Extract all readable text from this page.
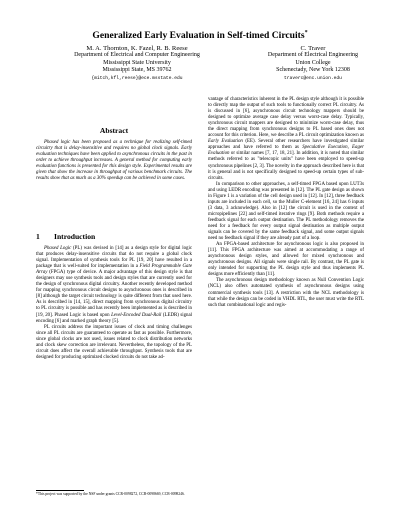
Generalized Early Evaluation in Self-timed Circuits*
M. A. Thornton, K. Fazel, R. B. Reese
Department of Electrical and Computer Engineering
Mississippi State University
Mississippi State, MS 39762
{mitch,kfl,reese}@ece.msstate.edu
C. Traver
Department of Electrical Engineering
Union College
Schenectady, New York 12308
traverc@enc.union.edu
Abstract

Phased logic has been proposed as a technique for realizing self-timed circuitry that is delay-insensitive and requires no global clock signals. Early evaluation techniques have been applied to asynchronous circuits in the past in order to achieve throughput increases. A general method for computing early evaluation functions is presented for this design style. Experimental results are given that show the increase in throughput of various benchmark circuits. The results show that as much as a 30% speedup can be achieved in some cases.

1 Introduction

Phased Logic (PL) was devised in [14] as a design style for digital logic that produces delay-insensitive circuits that do not require a global clock signal. Implementation of synthesis tools for PL [19, 20] have resulted in a package that is well-suited for implementation in a Field Programmable Gate Array (FPGA) type of device. A major advantage of this design style is that designers may use synthesis tools and design styles that are currently used for the design of synchronous digital circuitry. Another recently developed method for mapping synchronous circuit designs to asynchronous ones is described in [8] although the target circuit technology is quite different from that used here. As is described in [14, 15], direct mapping from synchronous digital circuitry to PL circuitry is possible and has recently been implemented as is described in [19, 20]. Phased Logic is based upon Level-Encoded Dual-Rail (LEDR) signal encoding [6] and marked graph theory [5].

PL circuits address the important issues of clock and timing challenges since all PL circuits are guaranteed to operate as fast as possible. Furthermore, since global clocks are not used, issues related to clock distribution networks and clock skew correction are irrelevant. Nevertheless, the topology of the PL circuit does affect the overall achievable throughput. Synthesis tools that are designed for producing optimized clocked circuits do not take ad-

vantage of characteristics inherent in the PL design style although it is possible to directly map the output of such tools to functionally correct PL circuitry. As is discussed in [6], asynchronous circuit technology mappers should be designed to optimize average case delay versus worst-case delay. Typically, synchronous circuit mappers are designed to minimize worst-case delay, thus the direct mapping from synchronous designs to PL based ones does not account for this criterion. Here, we describe a PL circuit optimization known as Early Evaluation (EE). Several other researchers have investigated similar approaches and have referred to them as Speculative Execution, Eager Evaluation or similar names [7, 17, 18, 21]. In addition, it is noted that similar methods referred to as "telescopic units" have been employed to speed-up synchronous pipelines [2, 3]. The novelty in the approach described here is that it is general and is not specifically designed to speed-up certain types of sub-circuits.

In comparison to other approaches, a self-timed FPGA based upon LUT3s and using LEDR encoding was presented in [12]. The PL gate design as shown in Figure 1 is a variation of the cell design used in [12]. In [12], three feedback inputs are included in each cell, so the Muller C-element [16, 24] has 6 inputs (3 data, 3 acknowledge). Also in [12] the circuit is used in the context of micropipelines [22] and self-timed iterative rings [9]. Both methods require a feedback signal for each output destination. The PL methodology removes the need for a feedback for every output signal destination as multiple output signals can be covered by the same feedback signal, and some output signals need no feedback signal if they are already part of a loop.

An FPGA-based architecture for asynchronous logic is also proposed in [11]. This FPGA architecture was aimed at accommodating a range of asynchronous design styles, and allowed for mixed synchronous and asynchronous designs. All signals were single rail. By contrast, the PL gate is only intended for supporting the PL design style and thus implements PL designs more efficiently than [11].

The asynchronous design methodology known as Null Convention Logic (NCL) also offers automated synthesis of asynchronous designs using commercial synthesis tools [13]. A restriction with the NCL methodology is that while the design can be coded in VHDL RTL, the user must write the RTL such that combinational logic and regis-

*This project was supported by the NSF under grants CCR-0098272, CCR-0098669, CCR-0098246.
